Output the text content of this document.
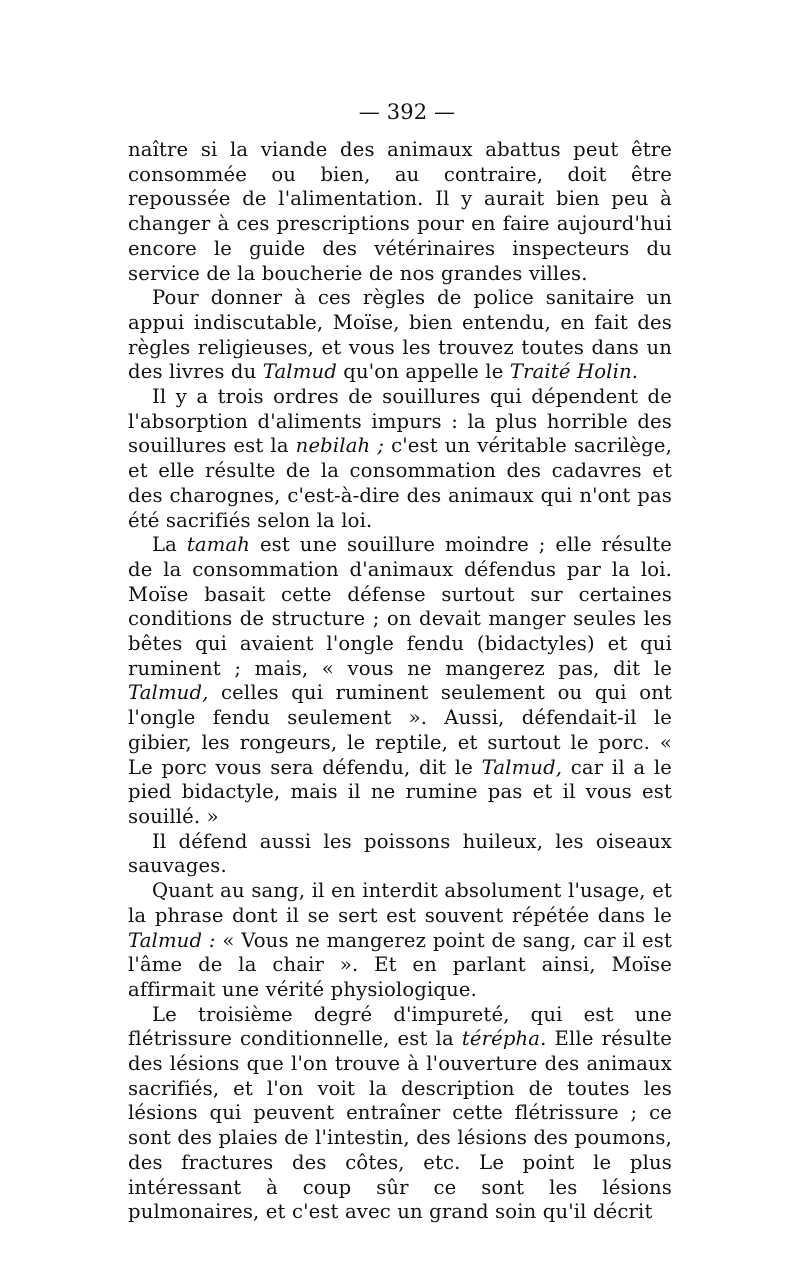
— 392 —

naître si la viande des animaux abattus peut être consommée ou bien, au contraire, doit être repoussée de l'alimentation. Il y aurait bien peu à changer à ces prescriptions pour en faire aujourd'hui encore le guide des vétérinaires inspecteurs du service de la boucherie de nos grandes villes.

Pour donner à ces règles de police sanitaire un appui indiscutable, Moïse, bien entendu, en fait des règles religieuses, et vous les trouvez toutes dans un des livres du Talmud qu'on appelle le Traité Holin.

Il y a trois ordres de souillures qui dépendent de l'absorption d'aliments impurs : la plus horrible des souillures est la nebilah ; c'est un véritable sacrilège, et elle résulte de la consommation des cadavres et des charognes, c'est-à-dire des animaux qui n'ont pas été sacrifiés selon la loi.

La tamah est une souillure moindre ; elle résulte de la consommation d'animaux défendus par la loi. Moïse basait cette défense surtout sur certaines conditions de structure ; on devait manger seules les bêtes qui avaient l'ongle fendu (bidactyles) et qui ruminent ; mais, « vous ne mangerez pas, dit le Talmud, celles qui ruminent seulement ou qui ont l'ongle fendu seulement ». Aussi, défendait-il le gibier, les rongeurs, le reptile, et surtout le porc. « Le porc vous sera défendu, dit le Talmud, car il a le pied bidactyle, mais il ne rumine pas et il vous est souillé. »

Il défend aussi les poissons huileux, les oiseaux sauvages.

Quant au sang, il en interdit absolument l'usage, et la phrase dont il se sert est souvent répétée dans le Talmud : « Vous ne mangerez point de sang, car il est l'âme de la chair ». Et en parlant ainsi, Moïse affirmait une vérité physiologique.

Le troisième degré d'impureté, qui est une flétrissure conditionnelle, est la térépha. Elle résulte des lésions que l'on trouve à l'ouverture des animaux sacrifiés, et l'on voit la description de toutes les lésions qui peuvent entraîner cette flétrissure ; ce sont des plaies de l'intestin, des lésions des poumons, des fractures des côtes, etc. Le point le plus intéressant à coup sûr ce sont les lésions pulmonaires, et c'est avec un grand soin qu'il décrit
